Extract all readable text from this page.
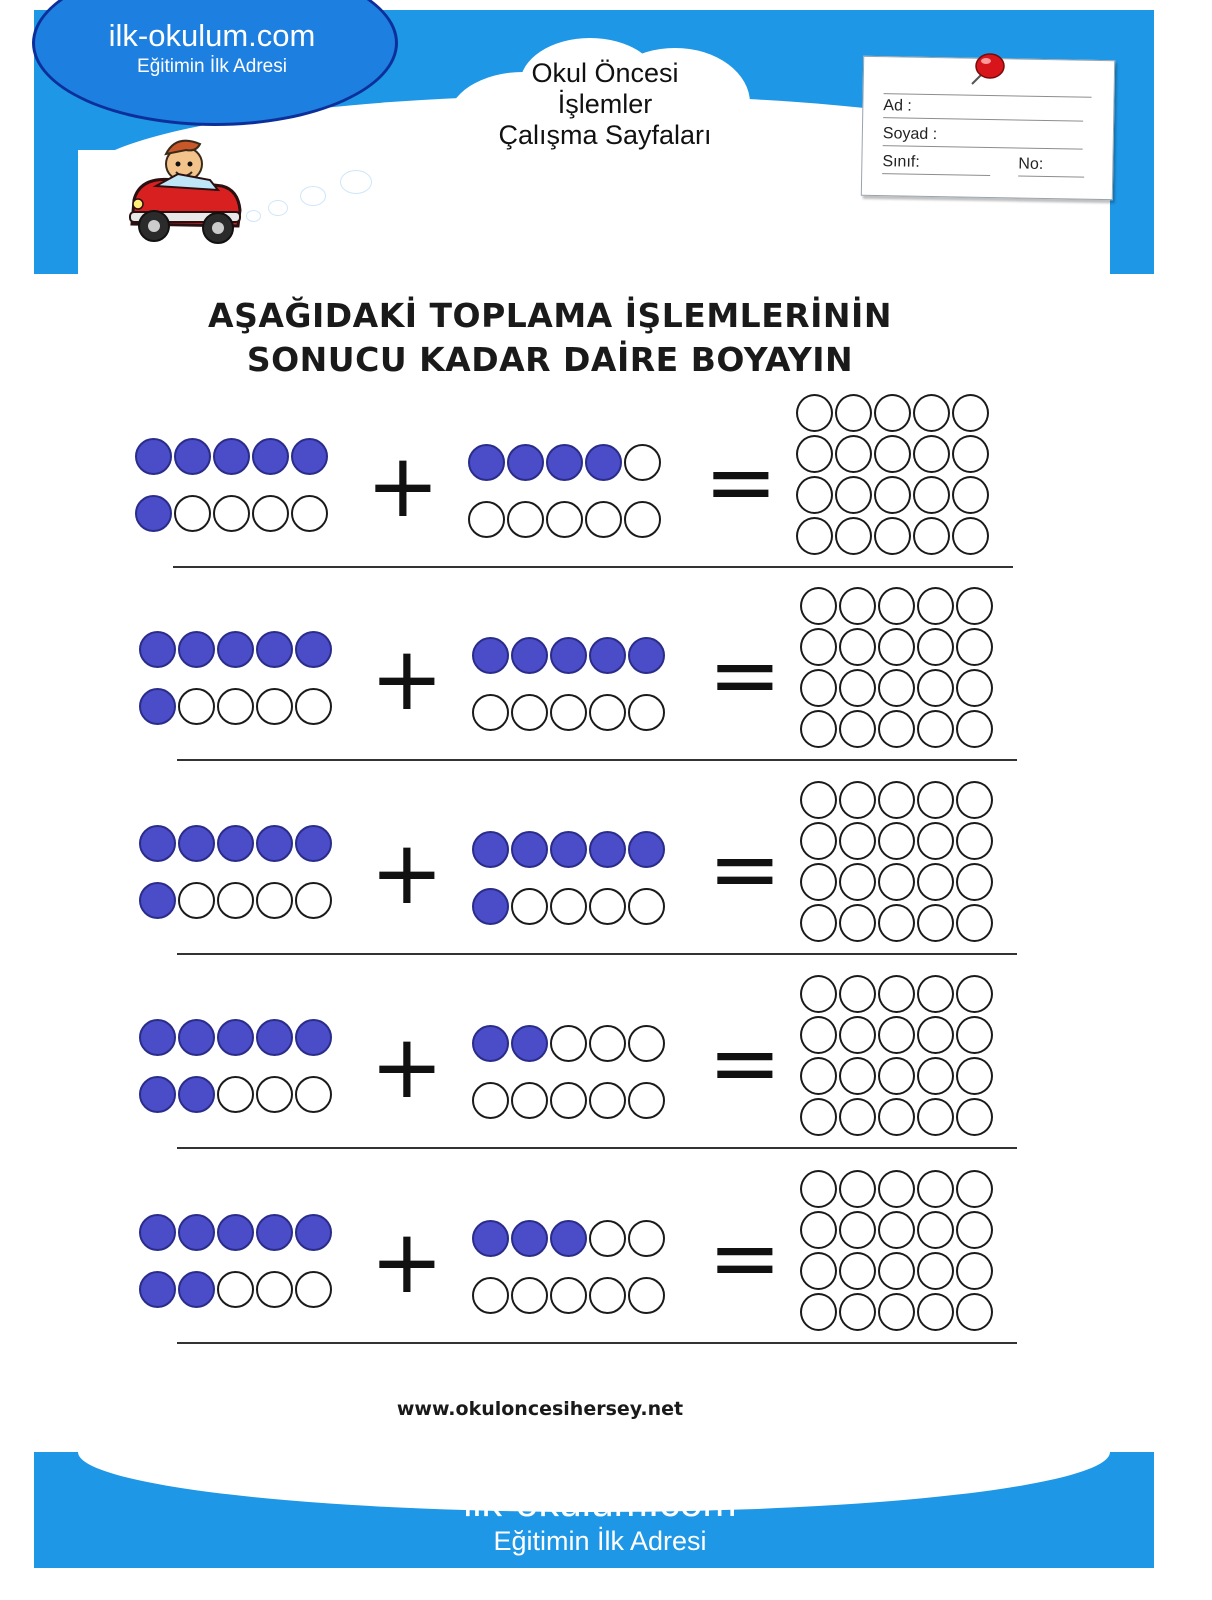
ilk-okulum.com
Eğitimin İlk Adresi	Okul Öncesi
İşlemler
Çalışma Sayfaları
Ad :
Soyad :
Sınıf:	No:
AŞAĞIDAKİ TOPLAMA İŞLEMLERİNİN
SONUCU KADAR DAİRE BOYAYIN
+	=
+	=
+	=
+	=
+	=
www.okuloncesihersey.net
ilk-okulum.com
Eğitimin İlk Adresi
